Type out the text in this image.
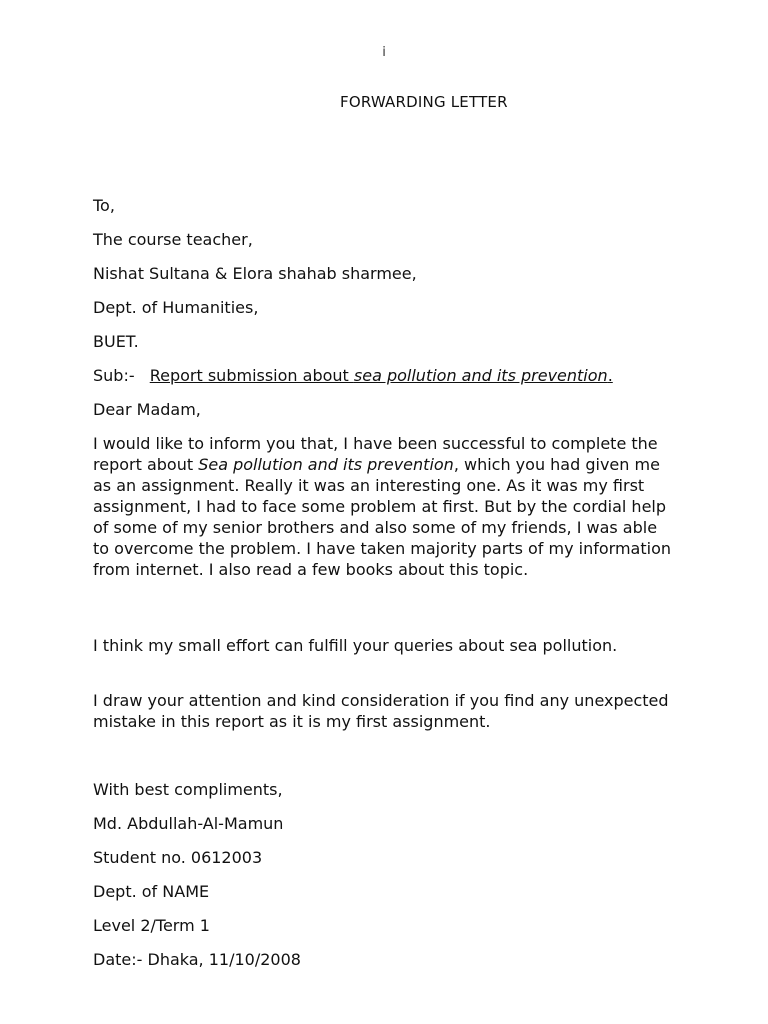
i
FORWARDING LETTER
To,
The course teacher,
Nishat Sultana & Elora shahab sharmee,
Dept. of Humanities,
BUET.
Sub:- Report submission about sea pollution and its prevention.
Dear Madam,

I would like to inform you that, I have been successful to complete the report about Sea pollution and its prevention, which you had given me as an assignment. Really it was an interesting one. As it was my first assignment, I had to face some problem at first. But by the cordial help of some of my senior brothers and also some of my friends, I was able to overcome the problem. I have taken majority parts of my information from internet. I also read a few books about this topic.

I think my small effort can fulfill your queries about sea pollution.

I draw your attention and kind consideration if you find any unexpected mistake in this report as it is my first assignment.

With best compliments,
Md. Abdullah-Al-Mamun
Student no. 0612003
Dept. of NAME
Level 2/Term 1
Date:- Dhaka, 11/10/2008
